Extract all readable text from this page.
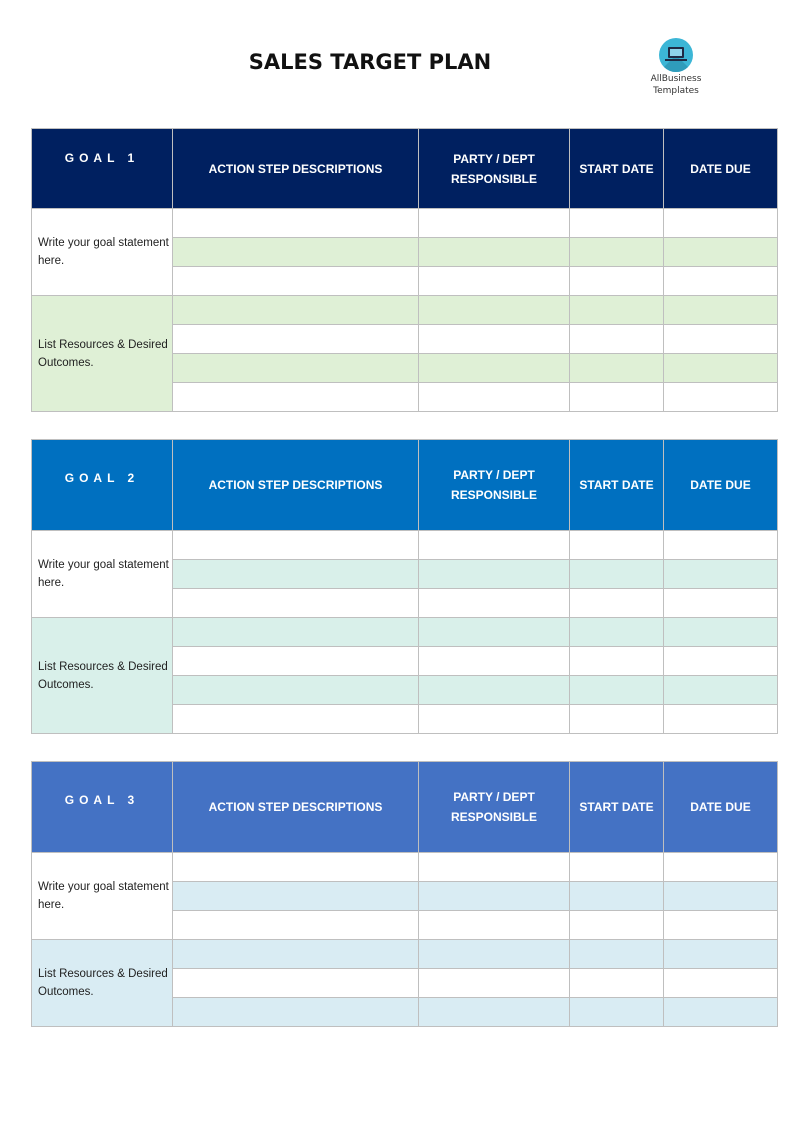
SALES TARGET PLAN
AllBusiness
Templates
GOAL 1	ACTION STEP DESCRIPTIONS	PARTY / DEPT
RESPONSIBLE	START DATE	DATE DUE
Write your goal statement here.				

List Resources & Desired Outcomes.				

GOAL 2	ACTION STEP DESCRIPTIONS	PARTY / DEPT
RESPONSIBLE	START DATE	DATE DUE
Write your goal statement here.				

List Resources & Desired Outcomes.				

GOAL 3	ACTION STEP DESCRIPTIONS	PARTY / DEPT
RESPONSIBLE	START DATE	DATE DUE
Write your goal statement here.				

List Resources & Desired Outcomes.				
